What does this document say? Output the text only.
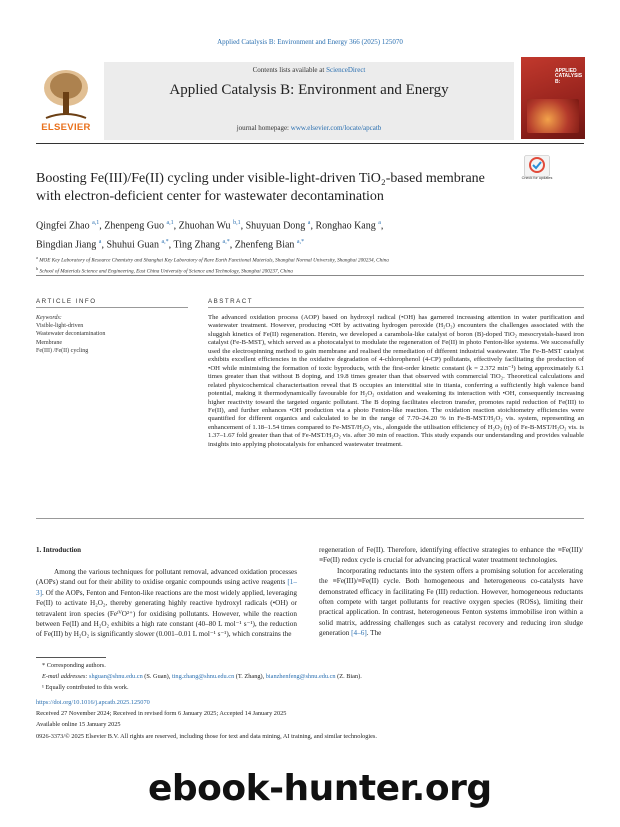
Applied Catalysis B: Environment and Energy 366 (2025) 125070
ELSEVIER
Contents lists available at ScienceDirect
Applied Catalysis B: Environment and Energy
journal homepage: www.elsevier.com/locate/apcatb
APPLIED CATALYSIS B:
Boosting Fe(III)/Fe(II) cycling under visible-light-driven TiO₂-based membrane with electron-deficient center for wastewater decontamination
Check for updates
Qingfei Zhao $^{a,1}$, Zhenpeng Guo $^{a,1}$, Zhuohan Wu $^{b,1}$, Shuyuan Dong $^a$, Ronghao Kang $^a$,
Bingdian Jiang $^a$, Shuhui Guan $^{a,*}$, Ting Zhang $^{a,*}$, Zhenfeng Bian $^{a,*}$
$^a$ MOE Key Laboratory of Resource Chemistry and Shanghai Key Laboratory of Rare Earth Functional Materials, Shanghai Normal University, Shanghai 200234, China
$^b$ School of Materials Science and Engineering, East China University of Science and Technology, Shanghai 200237, China
ARTICLE INFO	ABSTRACT
Keywords:
Visible-light-driven
Wastewater decontamination
Membrane
Fe(III) /Fe(II) cycling
The advanced oxidation process (AOP) based on hydroxyl radical (•OH) has garnered increasing attention in water purification and wastewater treatment. However, producing •OH by activating hydrogen peroxide (H₂O₂) encounters the challenges associated with the sluggish kinetics of Fe(II) regeneration. Herein, we developed a carambola-like catalyst of boron (B)-doped TiO₂ mesocrystals-based iron catalyst (Fe-B-MST), which served as a photocatalyst to modulate the regeneration of Fe(II) in photo Fenton-like systems. We successfully used the electrospinning method to gain membrane and realised the remediation of different industrial wastewater. The Fe-B-MST catalyst exhibits excellent efficiencies in the oxidative degradation of 4-chlorophenol (4-CP) pollutants, effectively facilitating the production of •OH while minimising the formation of toxic byproducts, with the first-order kinetic constant (k = 2.372 min⁻¹) being approximately 6.1 times greater than that without B doping, and 19.8 times greater than that observed with commercial TiO₂. Theoretical calculations and related physicochemical characterisation reveal that B occupies an interstitial site in titania, conferring a sufficiently high valence band potential, making it thermodynamically favourable for H₂O₂ oxidation and weakening its interaction with •OH, consequently increasing higher reactivity toward the targeted organic pollutant. The B doping facilitates electron transfer, promotes rapid reduction of Fe(III) to Fe(II), and further enhances •OH production via a photo Fenton-like reaction. The oxidation reaction stoichiometry efficiencies were quantified for different organics and calculated to be in the range of 7.70–24.20 % in Fe-B-MST/H₂O₂ vis. system, representing an enhancement of 1.18–1.54 times compared to Fe-MST/H₂O₂ vis., alongside the utilisation efficiency of H₂O₂ (η) of Fe-B-MST/H₂O₂ vis. is 1.37–1.67 fold greater than that of Fe-MST/H₂O₂ vis. after 30 min of reaction. This study expands our understanding and provides valuable insights into applying photocatalysis for enhanced wastewater treatment.
1. Introduction

Among the various techniques for pollutant removal, advanced oxidation processes (AOPs) stand out for their ability to oxidise organic compounds using active reagents [1–3]. Of the AOPs, Fenton and Fenton-like reactions are the most widely applied, leveraging Fe(II) to activate H₂O₂, thereby generating highly reactive hydroxyl radicals (•OH) or tetravalent iron species (FeᴵⱽO²⁺) for oxidising pollutants. However, while the reaction between Fe(II) and H₂O₂ exhibits a high rate constant (40–80 L mol⁻¹ s⁻¹), the reduction of Fe(III) by H₂O₂ is significantly slower (0.001–0.01 L mol⁻¹ s⁻¹), which constrains the

regeneration of Fe(II). Therefore, identifying effective strategies to enhance the ≡Fe(III)/≡Fe(II) redox cycle is crucial for advancing practical water treatment technologies.

Incorporating reductants into the system offers a promising solution for accelerating the ≡Fe(III)/≡Fe(II) cycle. Both homogeneous and heterogeneous co-catalysts have demonstrated efficacy in facilitating Fe (III) reduction. However, homogeneous reductants often compete with target pollutants for reactive oxygen species (ROSs), limiting their practical application. In contrast, heterogeneous Fenton systems immobilise iron within a solid matrix, addressing challenges such as catalyst recovery and reducing iron sludge generation [4–6]. The

* Corresponding authors.
E-mail addresses: shguan@shnu.edu.cn (S. Guan), ting.zhang@shnu.edu.cn (T. Zhang), bianzhenfeng@shnu.edu.cn (Z. Bian).
¹ Equally contributed to this work.
https://doi.org/10.1016/j.apcatb.2025.125070
Received 27 November 2024; Received in revised form 6 January 2025; Accepted 14 January 2025
Available online 15 January 2025
0926-3373/© 2025 Elsevier B.V. All rights are reserved, including those for text and data mining, AI training, and similar technologies.
ebook-hunter.org
